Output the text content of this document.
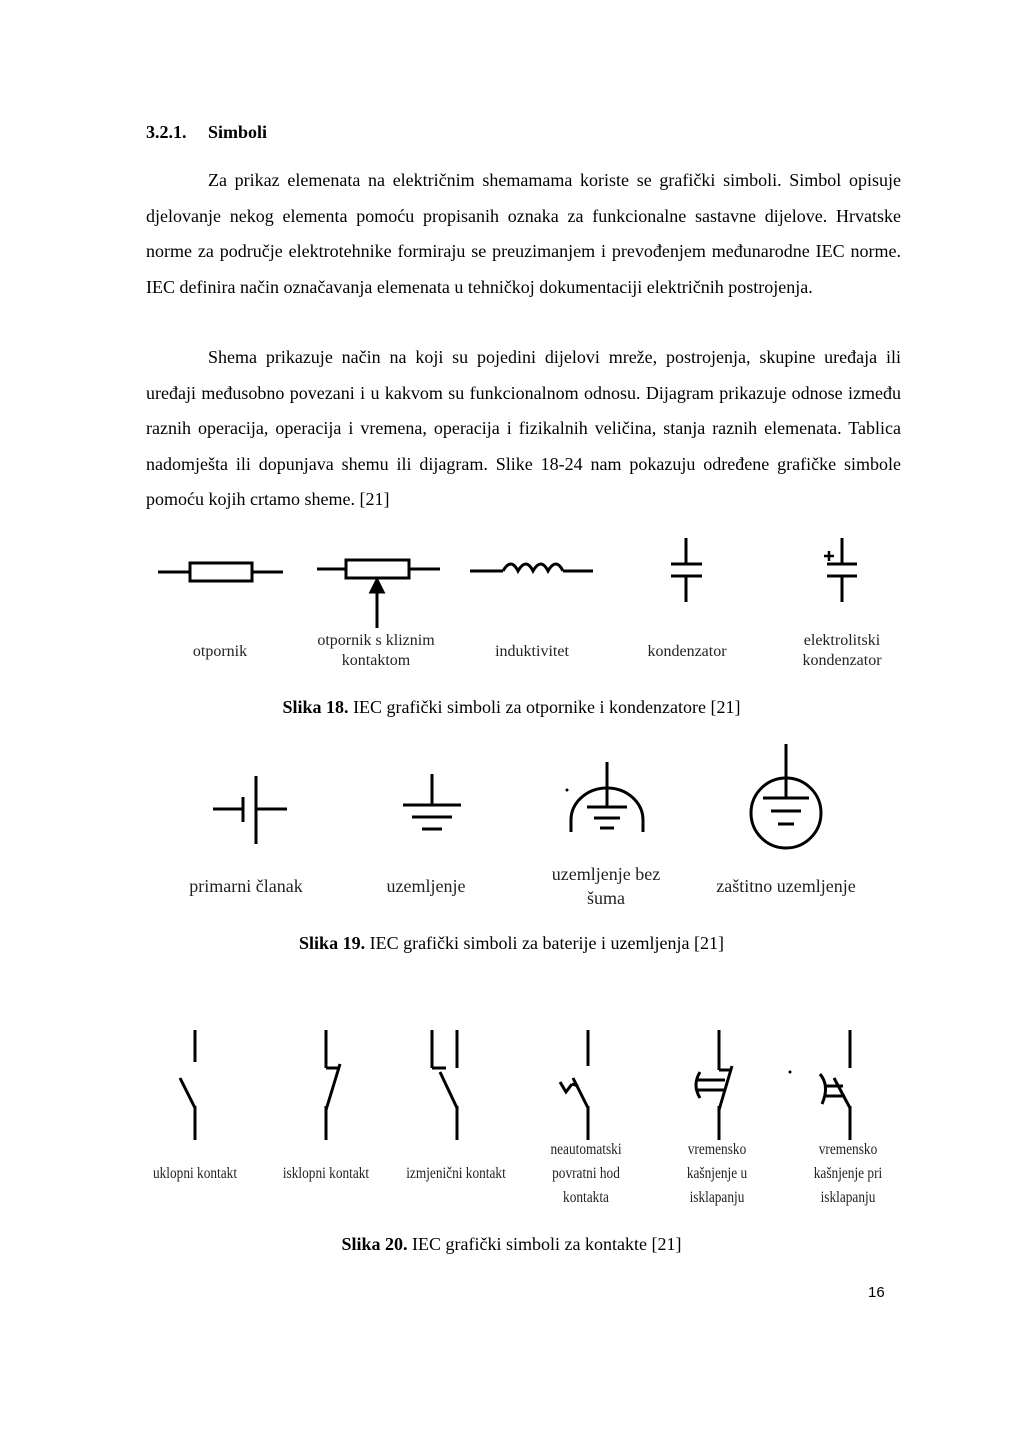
3.2.1. Simboli

Za prikaz elemenata na električnim shemamama koriste se grafički simboli. Simbol opisuje djelovanje nekog elementa pomoću propisanih oznaka za funkcionalne sastavne dijelove. Hrvatske norme za područje elektrotehnike formiraju se preuzimanjem i prevođenjem međunarodne IEC norme. IEC definira način označavanja elemenata u tehničkoj dokumentaciji električnih postrojenja.

Shema prikazuje način na koji su pojedini dijelovi mreže, postrojenja, skupine uređaja ili uređaji međusobno povezani i u kakvom su funkcionalnom odnosu. Dijagram prikazuje odnose između raznih operacija, operacija i vremena, operacija i fizikalnih veličina, stanja raznih elemenata. Tablica nadomješta ili dopunjava shemu ili dijagram. Slike 18-24 nam pokazuju određene grafičke simbole pomoću kojih crtamo sheme. [21]

otpornik
otpornik s kliznim
kontaktom
induktivitet	kondenzator
elektrolitski
kondenzator
Slika 18. IEC grafički simboli za otpornike i kondenzatore [21]
primarni članak	uzemljenje
uzemljenje bez
šuma
zaštitno uzemljenje
Slika 19. IEC grafički simboli za baterije i uzemljenja [21]
uklopni kontakt	isklopni kontakt izmjenični kontakt
neautomatski
povratni hod
kontakta
vremensko
kašnjenje u
isklapanju
vremensko
kašnjenje pri
isklapanju
Slika 20. IEC grafički simboli za kontakte [21]
16
